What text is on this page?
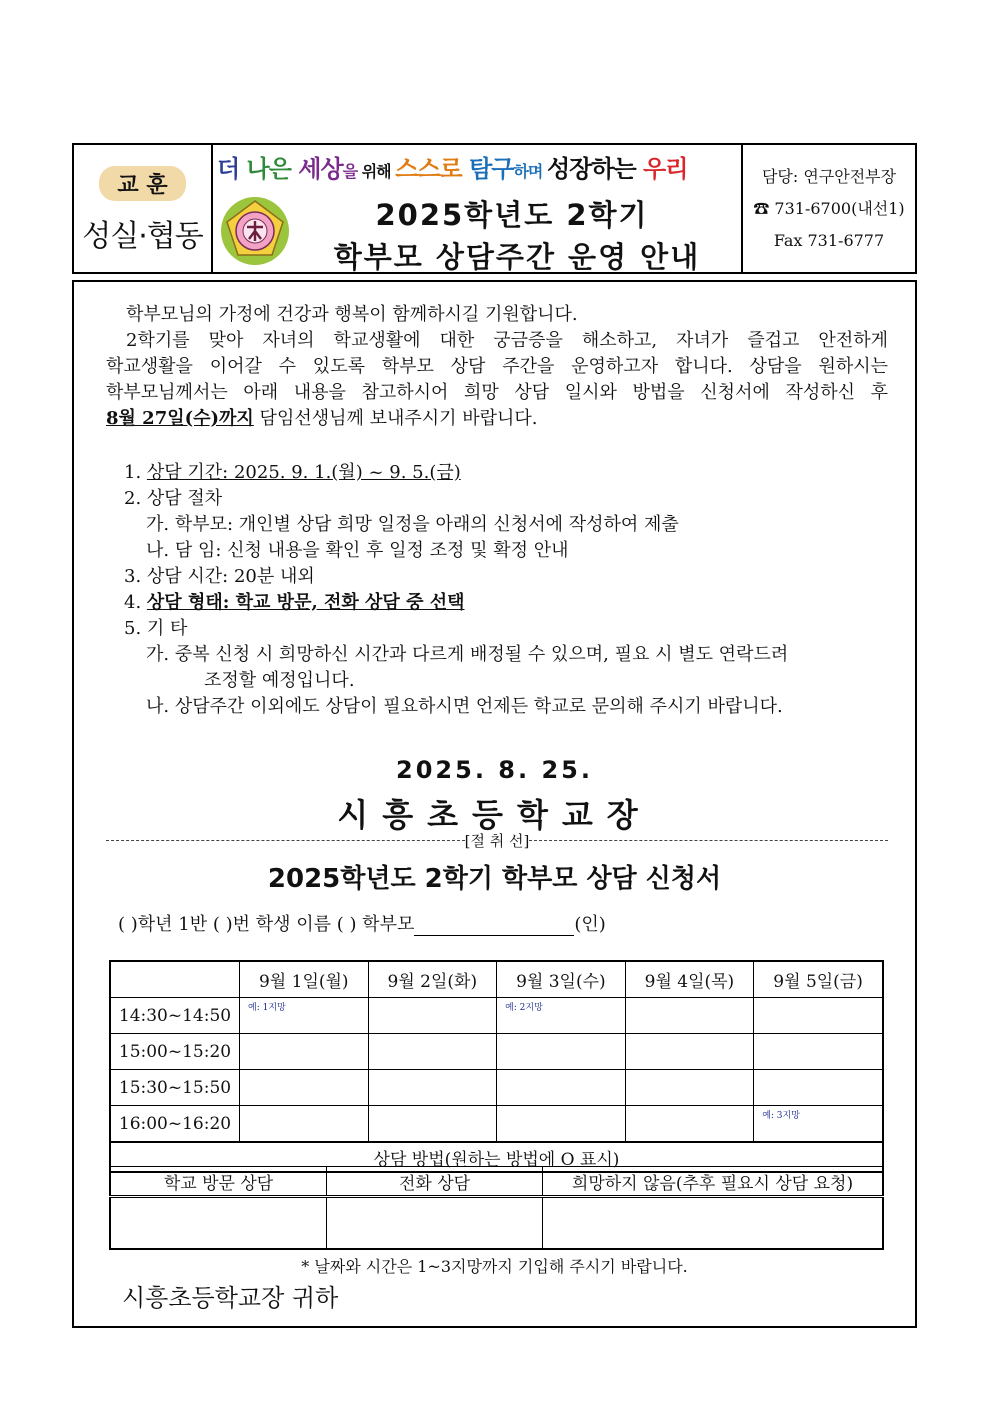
교 훈
성실·협동
더 나은 세상을 위해 스스로 탐구하며 성장하는 우리
2025학년도 2학기
학부모 상담주간 운영 안내
담당: 연구안전부장
☎ 731-6700(내선1)
Fax 731-6777
학부모님의 가정에 건강과 행복이 함께하시길 기원합니다.
2학기를 맞아 자녀의 학교생활에 대한 궁금증을 해소하고, 자녀가 즐겁고 안전하게
학교생활을 이어갈 수 있도록 학부모 상담 주간을 운영하고자 합니다. 상담을 원하시는
학부모님께서는 아래 내용을 참고하시어 희망 상담 일시와 방법을 신청서에 작성하신 후
8월 27일(수)까지 담임선생님께 보내주시기 바랍니다.
1. 상담 기간: 2025. 9. 1.(월) ~ 9. 5.(금)
2. 상담 절차
가. 학부모: 개인별 상담 희망 일정을 아래의 신청서에 작성하여 제출
나. 담 임: 신청 내용을 확인 후 일정 조정 및 확정 안내
3. 상담 시간: 20분 내외
4. 상담 형태: 학교 방문, 전화 상담 중 선택
5. 기 타
가. 중복 신청 시 희망하신 시간과 다르게 배정될 수 있으며, 필요 시 별도 연락드려
조정할 예정입니다.
나. 상담주간 이외에도 상담이 필요하시면 언제든 학교로 문의해 주시기 바랍니다.
2025. 8. 25.
시흥초등학교장
[절 취 선]
2025학년도 2학기 학부모 상담 신청서
( )학년 1반 ( )번 학생 이름 ( ) 학부모	(인)
	9월 1일(월)	9월 2일(화)	9월 3일(수)	9월 4일(목)	9월 5일(금)
14:30~14:50	예: 1지망		예: 2지망		

15:00~15:20					
15:30~15:50					
16:00~16:20					예: 3지망

상담 방법(원하는 방법에 O 표시)					
학교 방문 상담	전화 상담	희망하지 않음(추후 필요시 상담 요청)

* 날짜와 시간은 1~3지망까지 기입해 주시기 바랍니다.
시흥초등학교장 귀하
